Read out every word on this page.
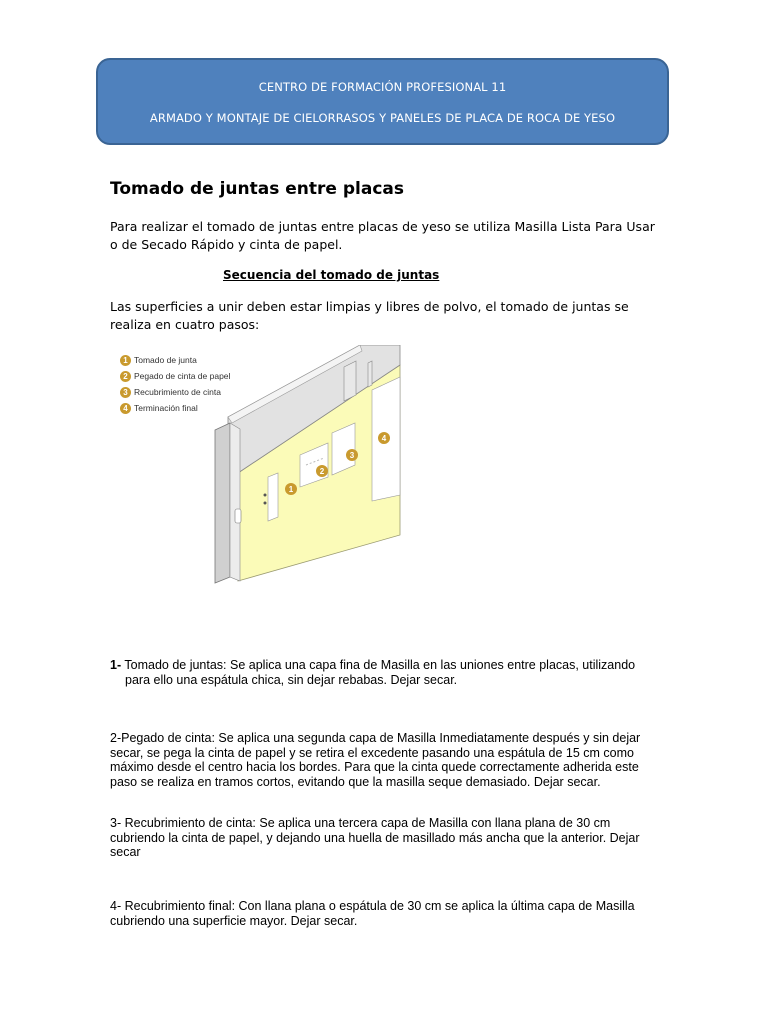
CENTRO DE FORMACIÓN PROFESIONAL 11
ARMADO Y MONTAJE DE CIELORRASOS Y PANELES DE PLACA DE ROCA DE YESO
Tomado de juntas entre placas
Para realizar el tomado de juntas entre placas de yeso se utiliza Masilla Lista Para Usar o de Secado Rápido y cinta de papel.
Secuencia del tomado de juntas
Las superficies a unir deben estar limpias y libres de polvo, el tomado de juntas se realiza en cuatro pasos:
1 Tomado de junta
2 Pegado de cinta de papel
3 Recubrimiento de cinta
4 Terminación final
1
2
3
4
1- Tomado de juntas: Se aplica una capa fina de Masilla en las uniones entre placas, utilizando
para ello una espátula chica, sin dejar rebabas. Dejar secar.
2-Pegado de cinta: Se aplica una segunda capa de Masilla Inmediatamente después y sin dejar secar, se pega la cinta de papel y se retira el excedente pasando una espátula de 15 cm como máximo desde el centro hacia los bordes. Para que la cinta quede correctamente adherida este paso se realiza en tramos cortos, evitando que la masilla seque demasiado. Dejar secar.
3- Recubrimiento de cinta: Se aplica una tercera capa de Masilla con llana plana de 30 cm cubriendo la cinta de papel, y dejando una huella de masillado más ancha que la anterior. Dejar secar
4- Recubrimiento final: Con llana plana o espátula de 30 cm se aplica la última capa de Masilla cubriendo una superficie mayor. Dejar secar.
